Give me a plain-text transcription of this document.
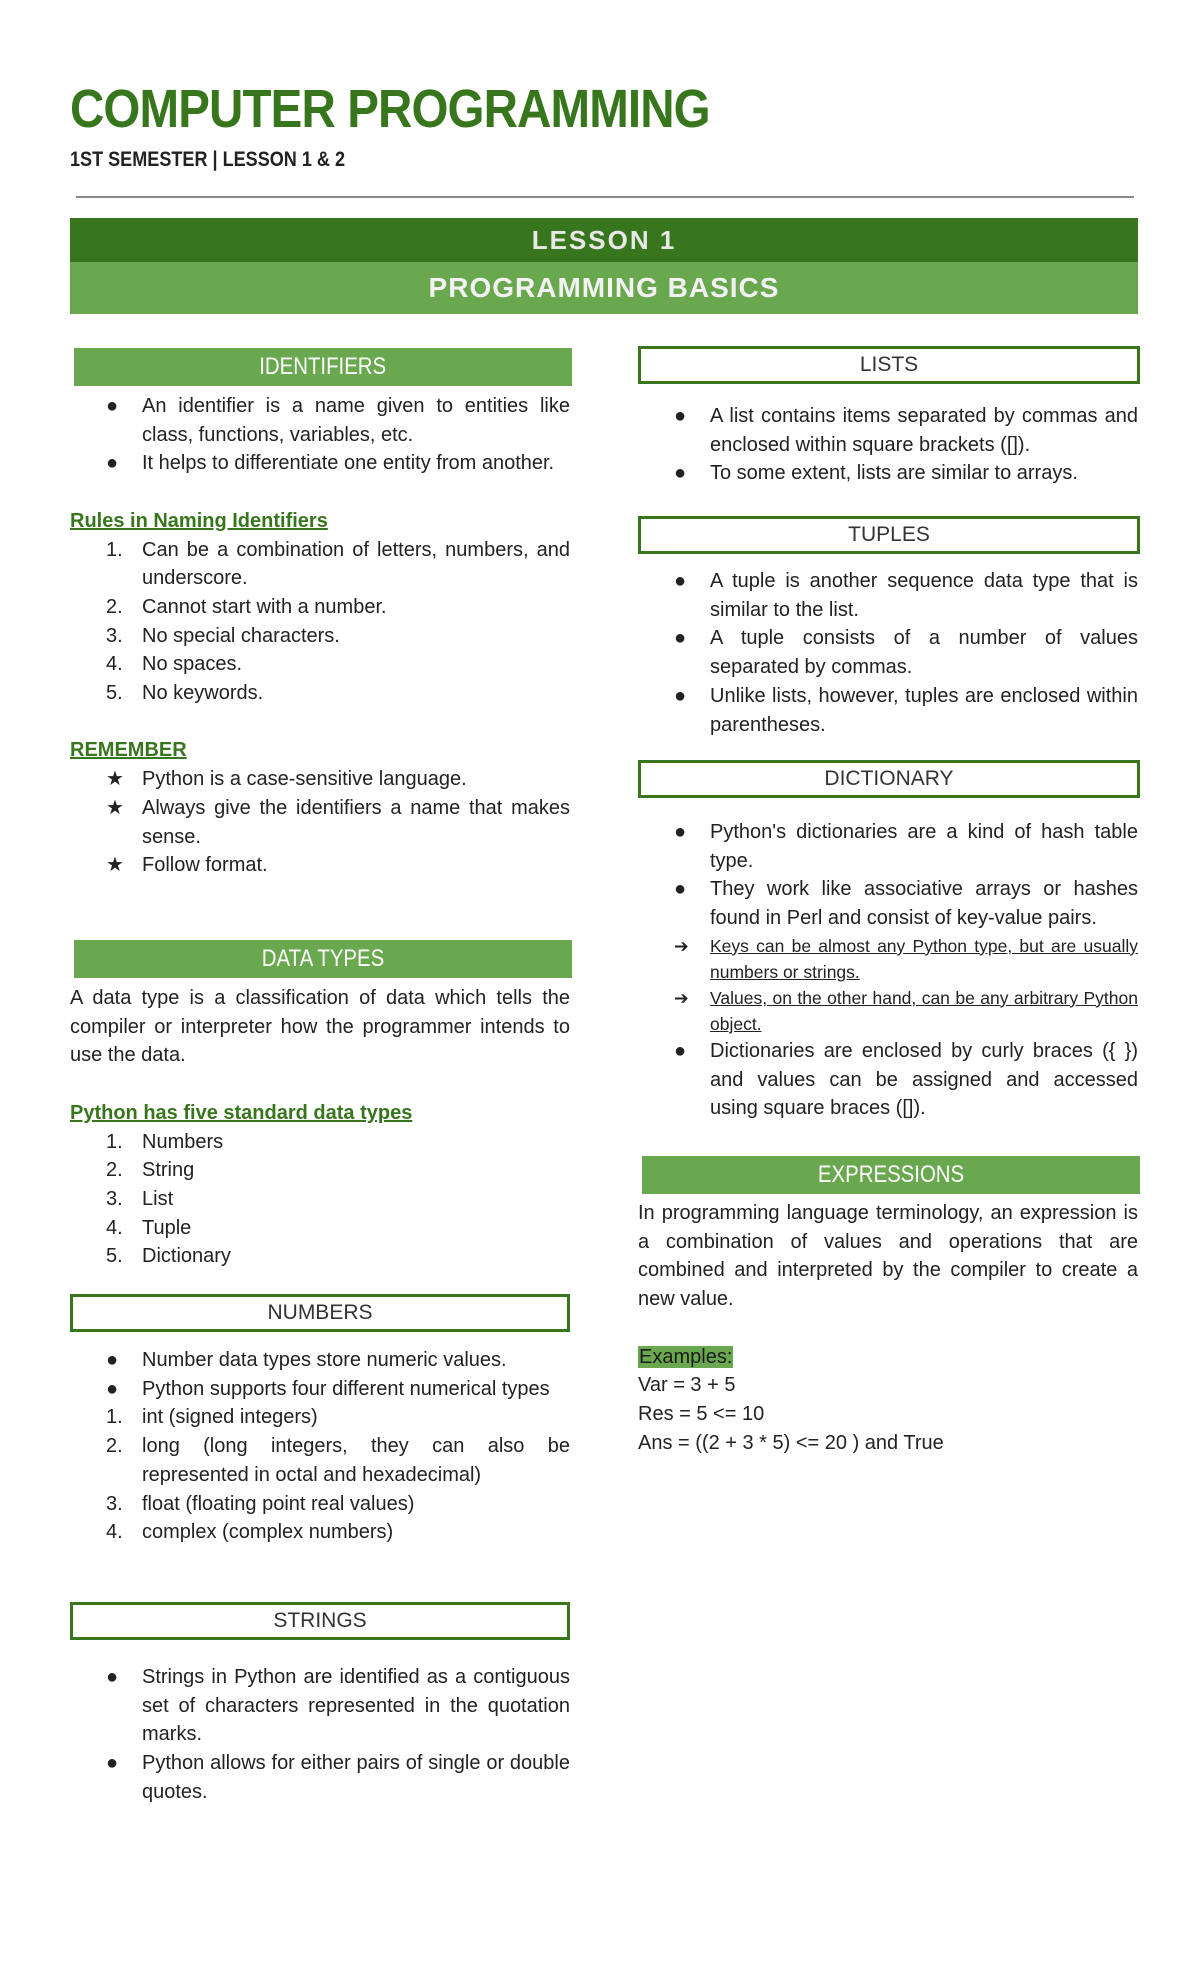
COMPUTER PROGRAMMING
1ST SEMESTER | LESSON 1 & 2
LESSON 1
PROGRAMMING BASICS
IDENTIFIERS
●	An identifier is a name given to entities like class, functions, variables, etc.
●	It helps to differentiate one entity from another.
Rules in Naming Identifiers
1. Can be a combination of letters, numbers, and underscore.
2. Cannot start with a number.
3. No special characters.
4. No spaces.
5. No keywords.
REMEMBER
★ Python is a case-sensitive language.
★ Always give the identifiers a name that makes sense.
★ Follow format.
DATA TYPES
A data type is a classification of data which tells the compiler or interpreter how the programmer intends to use the data.
Python has five standard data types
1. Numbers
2. String
3. List
4. Tuple
5. Dictionary
NUMBERS
●	Number data types store numeric values.
●	Python supports four different numerical types
1. int (signed integers)
2. long (long integers, they can also be represented in octal and hexadecimal)
3. float (floating point real values)
4. complex (complex numbers)
STRINGS
●	Strings in Python are identified as a contiguous set of characters represented in the quotation marks.
●	Python allows for either pairs of single or double quotes.
LISTS
●	A list contains items separated by commas and enclosed within square brackets ([]).
●	To some extent, lists are similar to arrays.
TUPLES
●	A tuple is another sequence data type that is similar to the list.
●	A tuple consists of a number of values separated by commas.
●	Unlike lists, however, tuples are enclosed within parentheses.
DICTIONARY
●	Python's dictionaries are a kind of hash table type.
●	They work like associative arrays or hashes found in Perl and consist of key-value pairs.
➔	Keys can be almost any Python type, but are usually numbers or strings.
➔	Values, on the other hand, can be any arbitrary Python object.
●	Dictionaries are enclosed by curly braces ({ }) and values can be assigned and accessed using square braces ([]).
EXPRESSIONS
In programming language terminology, an expression is a combination of values and operations that are combined and interpreted by the compiler to create a new value.
Examples:
Var = 3 + 5
Res = 5 <= 10
Ans = ((2 + 3 * 5) <= 20 ) and True
